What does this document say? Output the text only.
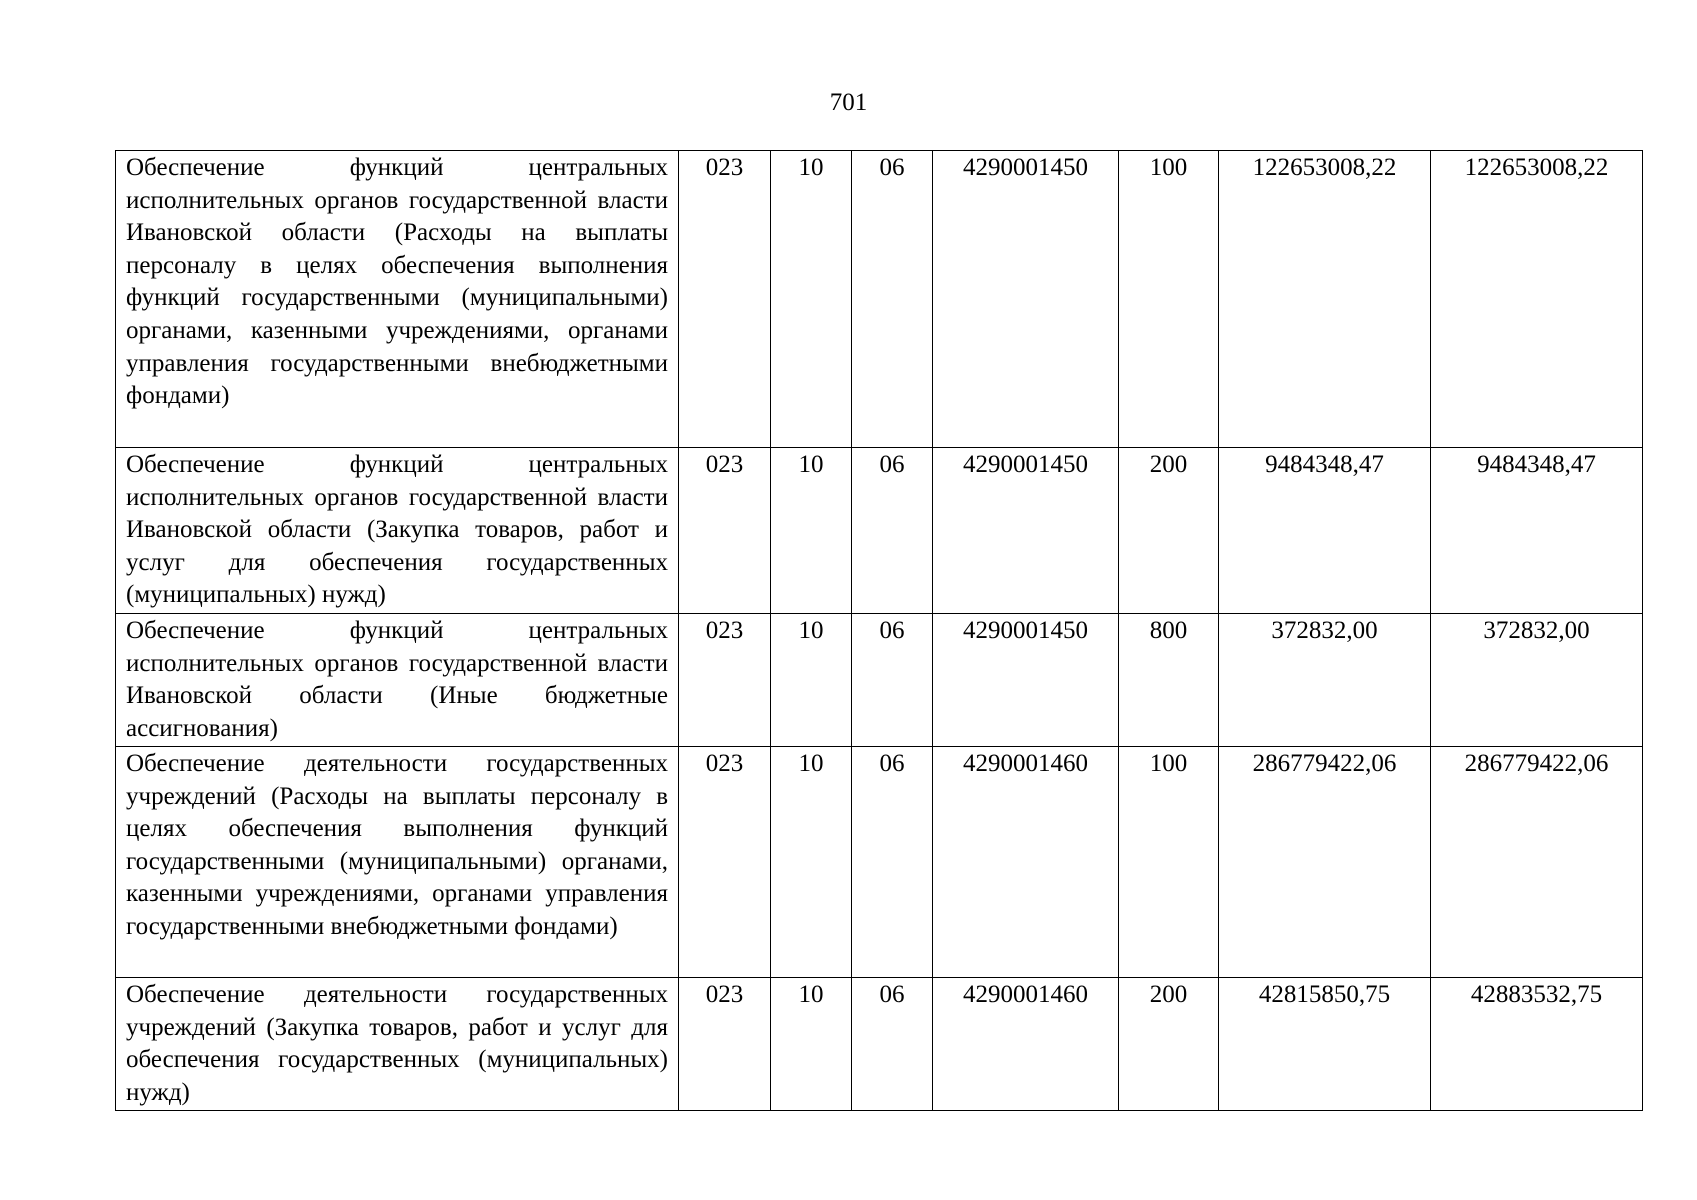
701
Обеспечение функций центральных исполнительных органов государственной власти Ивановской области (Расходы на выплаты персоналу в целях обеспечения выполнения функций государственными (муниципальными) органами, казенными учреждениями, органами управления государственными внебюджетными фондами)	023	10	06	4290001450	100	122653008,22	122653008,22
Обеспечение функций центральных исполнительных органов государственной власти Ивановской области (Закупка товаров, работ и услуг для обеспечения государственных (муниципальных) нужд)	023	10	06	4290001450	200	9484348,47	9484348,47
Обеспечение функций центральных исполнительных органов государственной власти Ивановской области (Иные бюджетные ассигнования)	023	10	06	4290001450	800	372832,00	372832,00
Обеспечение деятельности государственных учреждений (Расходы на выплаты персоналу в целях обеспечения выполнения функций государственными (муниципальными) органами, казенными учреждениями, органами управления государственными внебюджетными фондами)	023	10	06	4290001460	100	286779422,06	286779422,06
Обеспечение деятельности государственных учреждений (Закупка товаров, работ и услуг для обеспечения государственных (муниципальных) нужд)	023	10	06	4290001460	200	42815850,75	42883532,75
